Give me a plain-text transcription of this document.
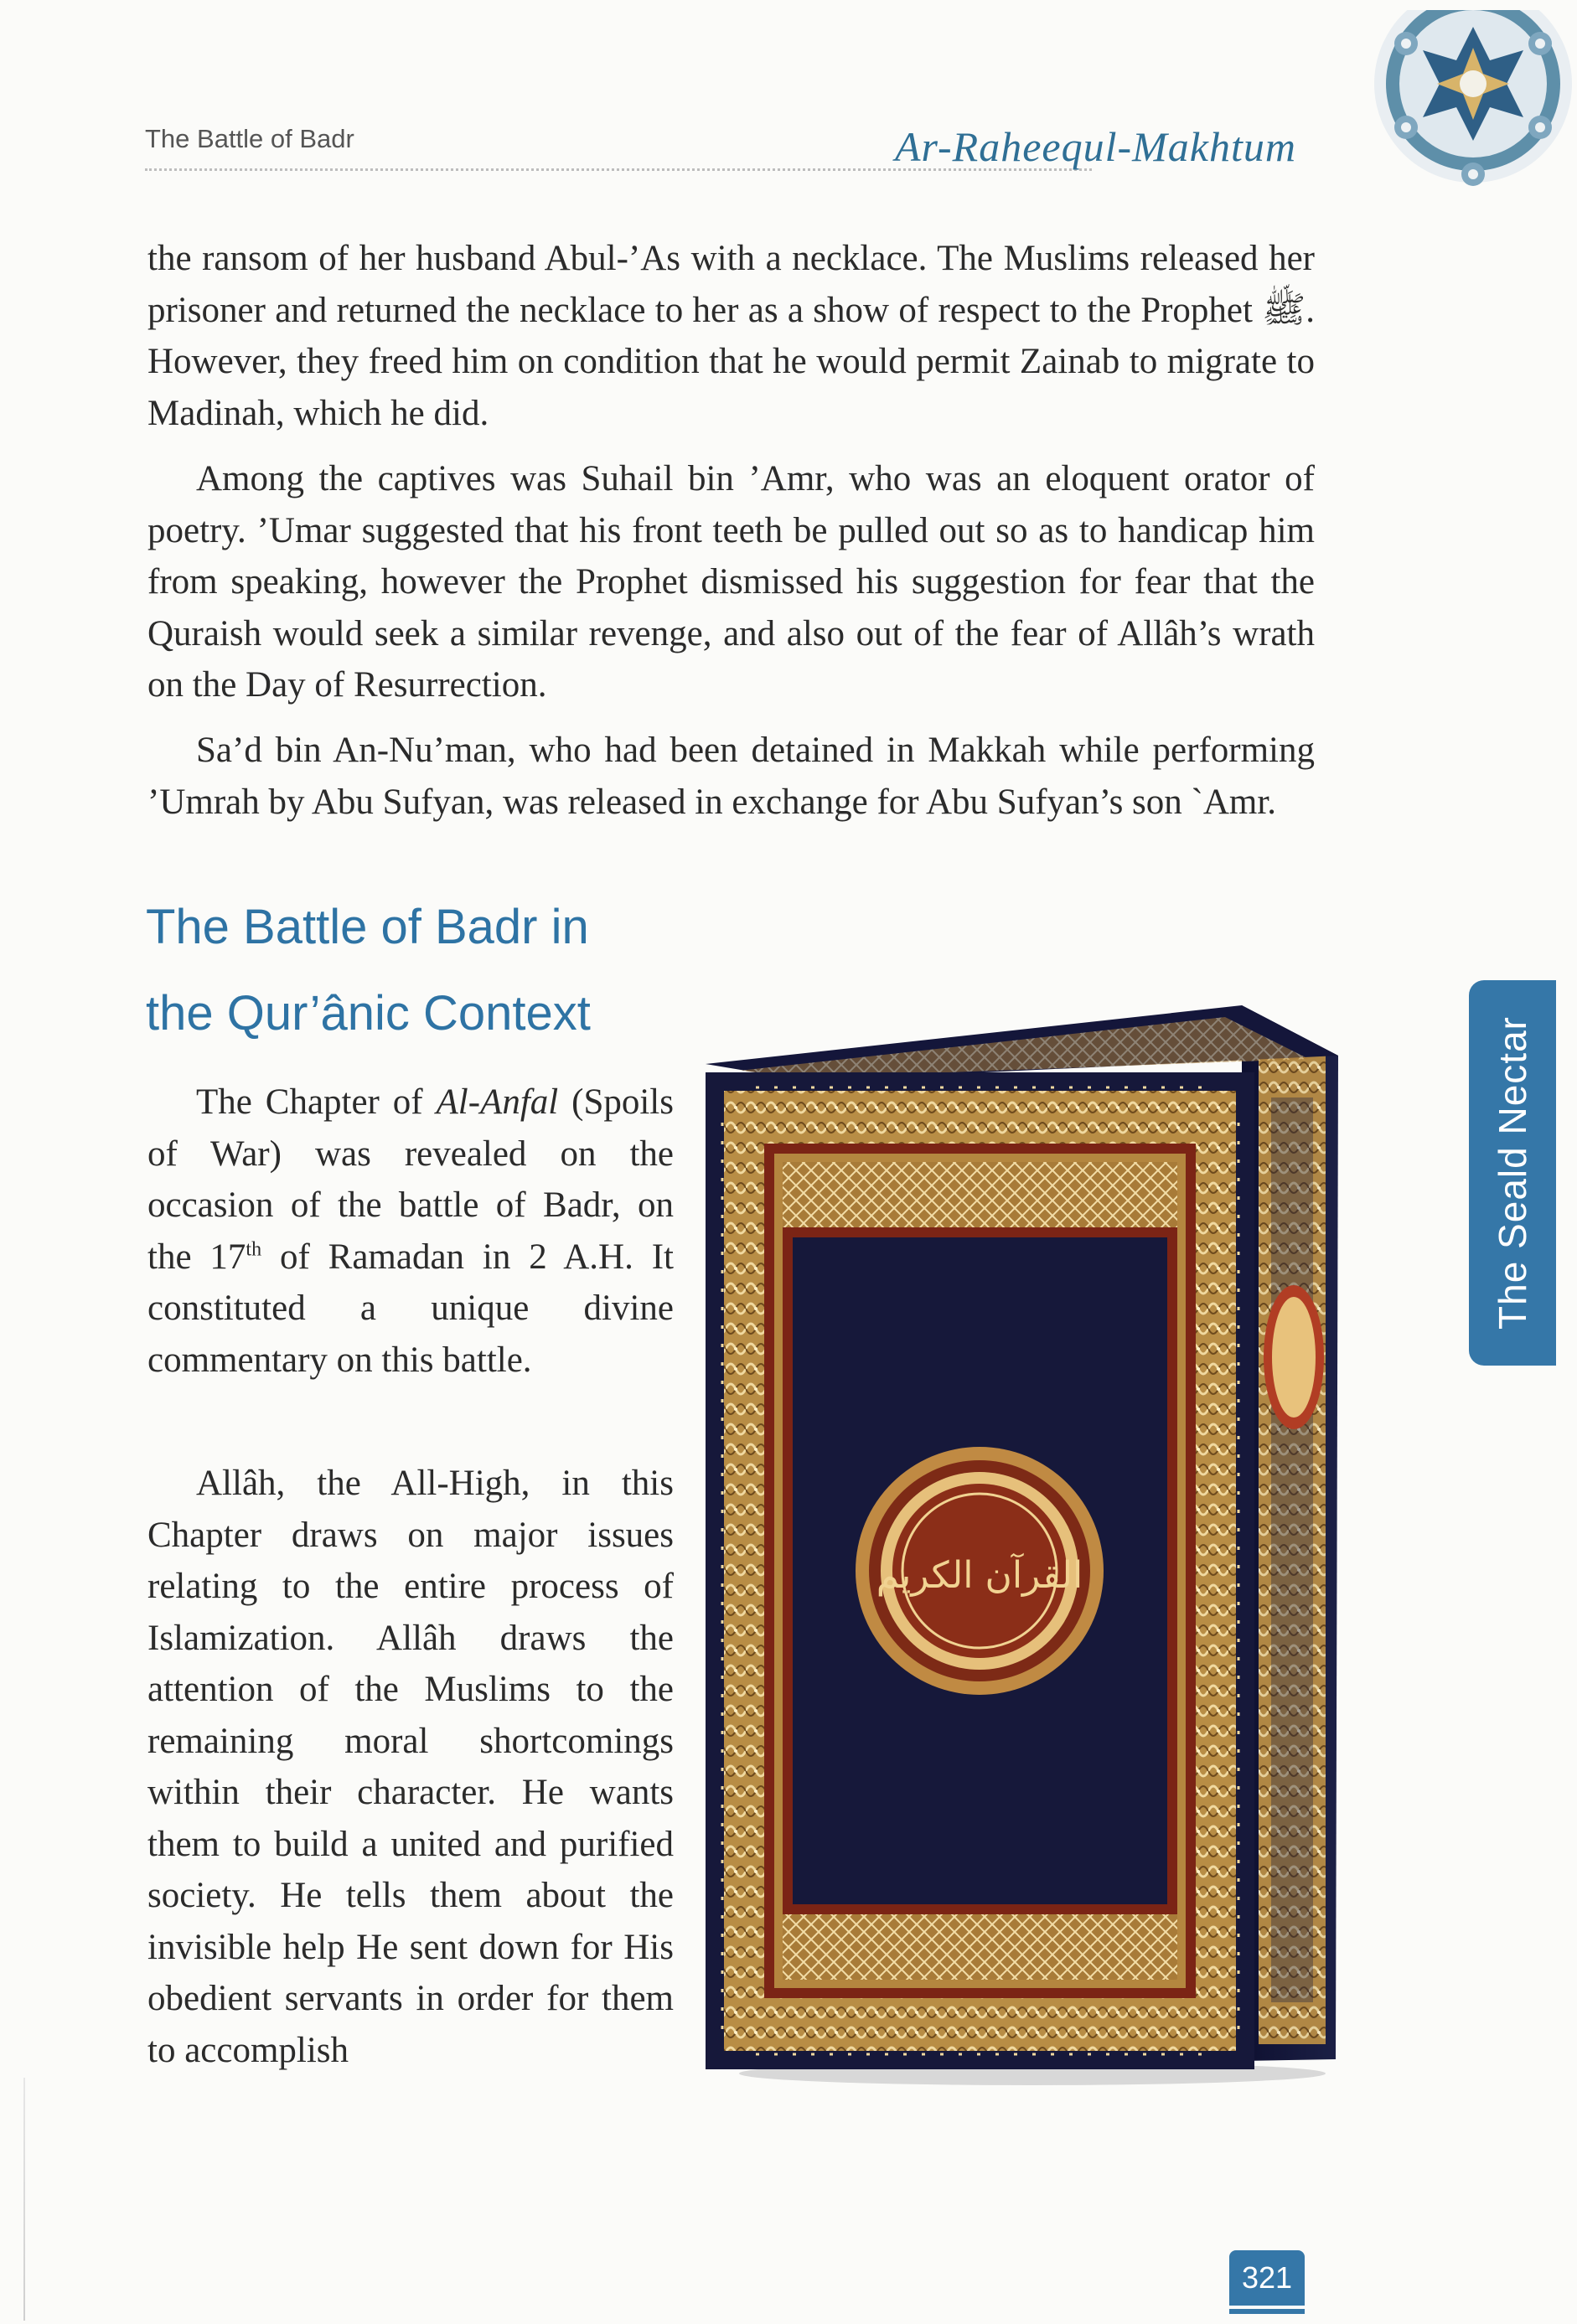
The Battle of Badr	Ar-Raheequl-Makhtum

the ransom of her husband Abul-’As with a necklace. The Muslims released her prisoner and returned the necklace to her as a show of respect to the Prophet ﷺ. However, they freed him on condition that he would permit Zainab to migrate to Madinah, which he did.

Among the captives was Suhail bin ’Amr, who was an eloquent orator of poetry. ’Umar suggested that his front teeth be pulled out so as to handicap him from speaking, however the Prophet dismissed his suggestion for fear that the Quraish would seek a similar revenge, and also out of the fear of Allâh’s wrath on the Day of Resurrection.

Sa’d bin An-Nu’man, who had been detained in Makkah while performing ’Umrah by Abu Sufyan, was released in exchange for Abu Sufyan’s son `Amr.

The Battle of Badr in
the Qur’ânic Context

The Chapter of Al-Anfal (Spoils of War) was revealed on the occasion of the battle of Badr, on the 17th of Ramadan in 2 A.H. It constituted a unique divine commentary on this battle.

Allâh, the All-High, in this Chapter draws on major issues relating to the entire process of Islamization. Allâh draws the attention of the Muslims to the remaining moral shortcomings within their character. He wants them to build a united and purified society. He tells them about the invisible help He sent down for His obedient servants in order for them to accomplish

The Seald Nectar
القرآن الكريم
321
